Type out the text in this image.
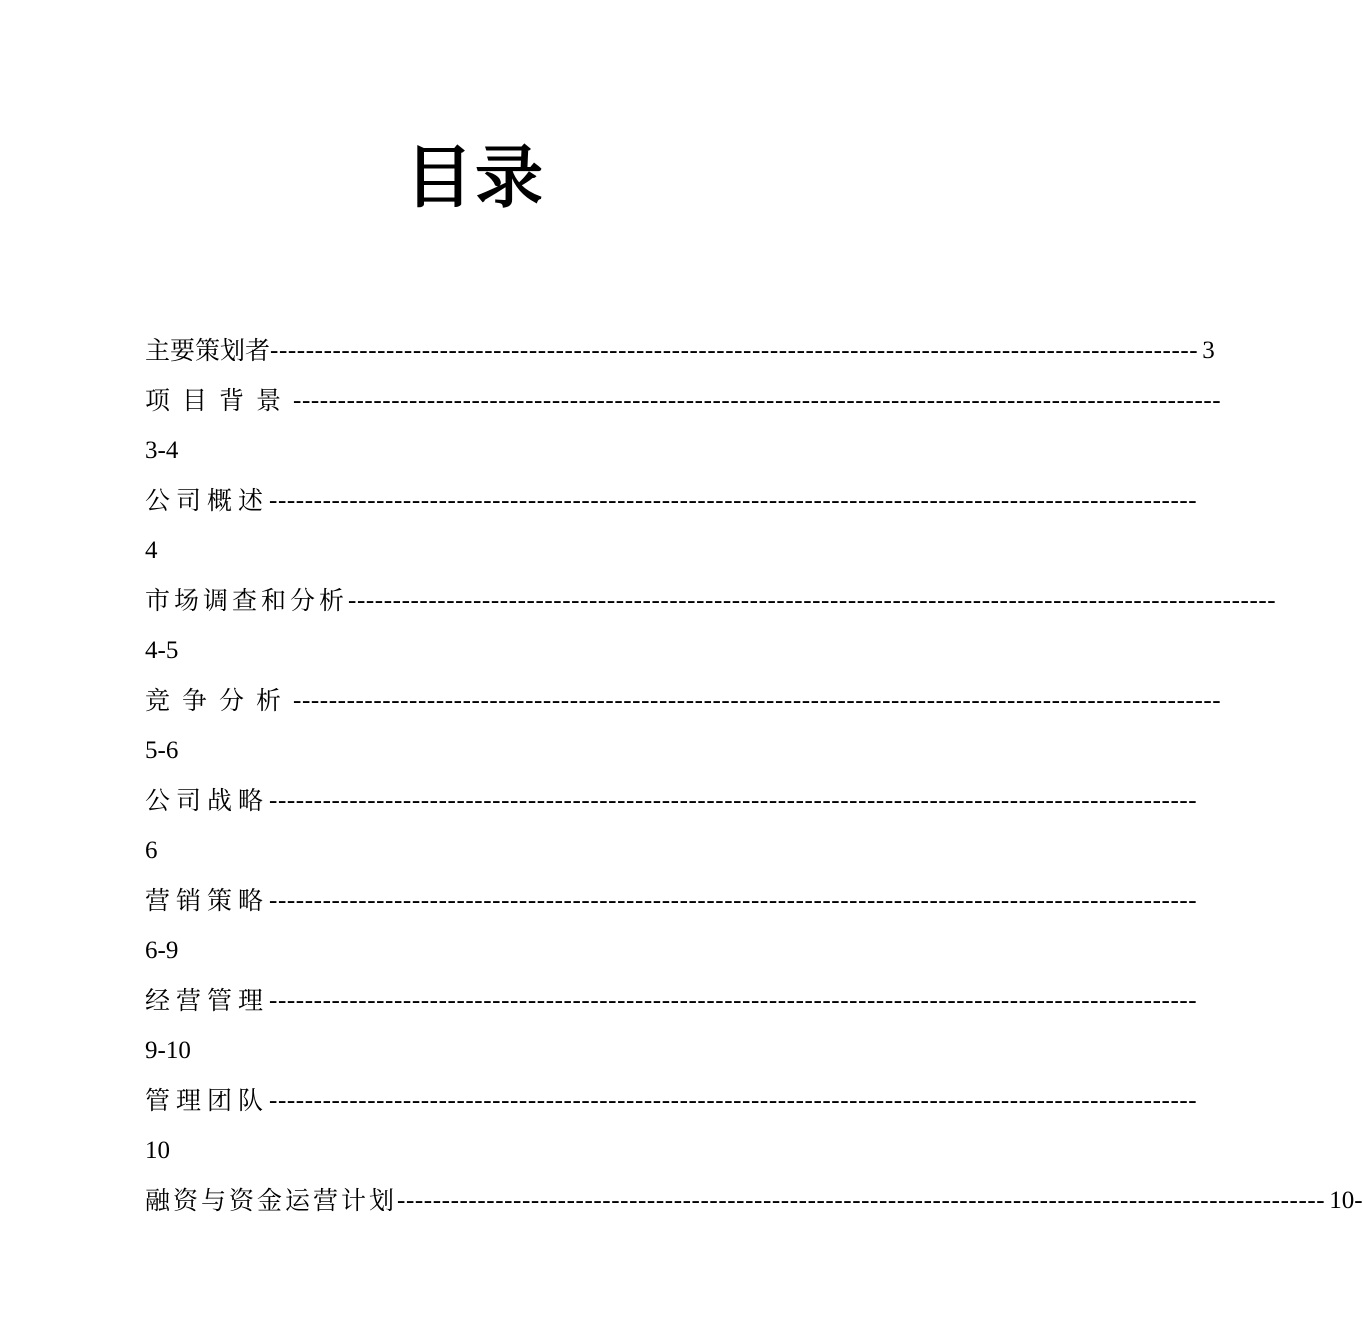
目录
主要策划者 -------------------------------------------------------------------------------------------------------- 3
项目背景 --------------------------------------------------------------------------------------------------------
3-4
公司概述 --------------------------------------------------------------------------------------------------------
4
市场调查和分析 --------------------------------------------------------------------------------------------------------
4-5
竞争分析 --------------------------------------------------------------------------------------------------------
5-6
公司战略 --------------------------------------------------------------------------------------------------------
6
营销策略 --------------------------------------------------------------------------------------------------------
6-9
经营管理 --------------------------------------------------------------------------------------------------------
9-10
管理团队 --------------------------------------------------------------------------------------------------------
10
融资与资金运营计划 -------------------------------------------------------------------------------------------------------- 10-
